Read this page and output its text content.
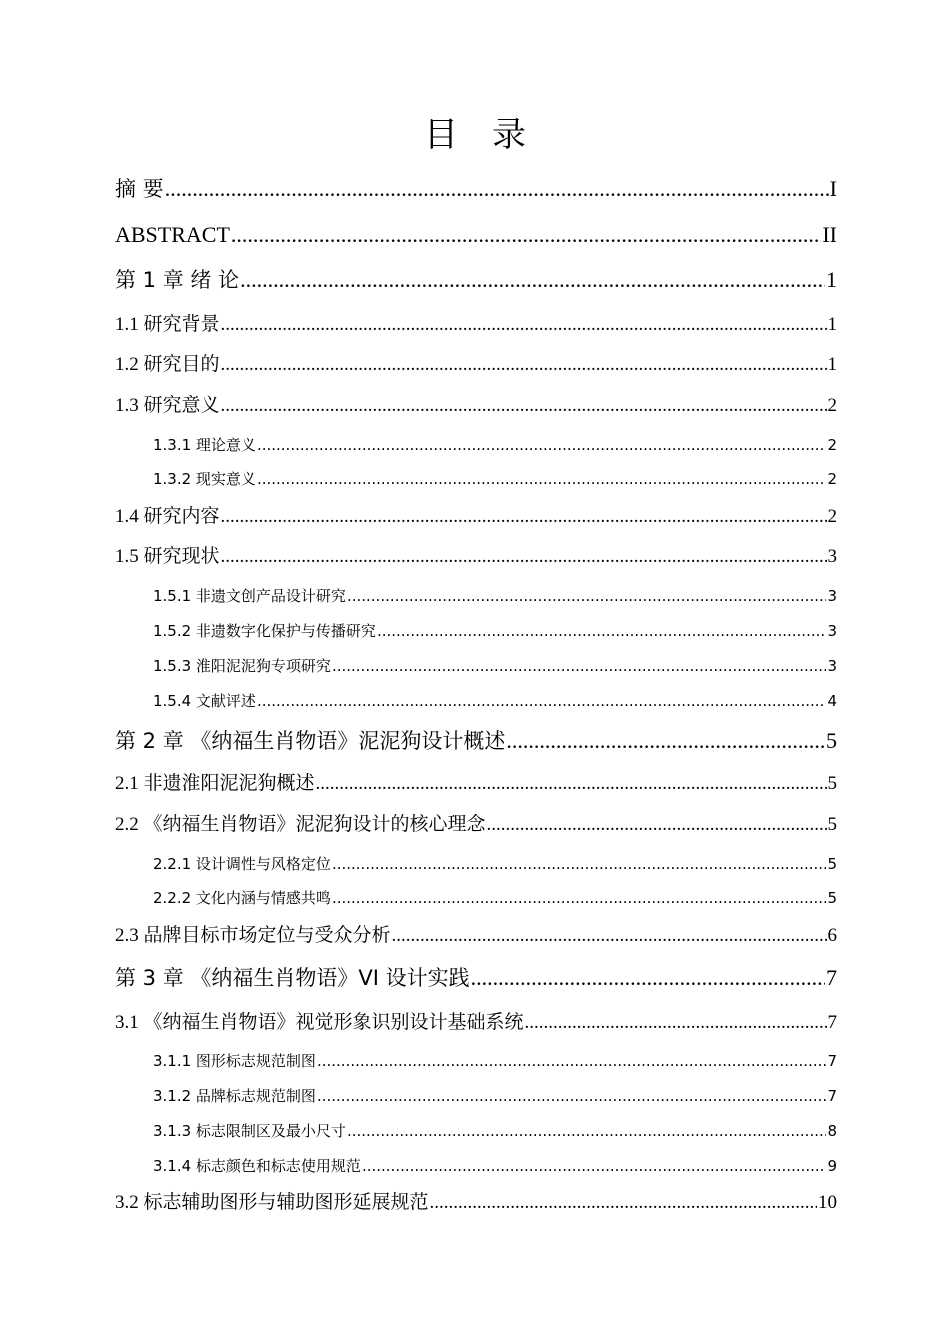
目　录
摘 要 .....	I
ABSTRACT .....	II
第 1 章 绪 论 .....	1
1.1 研究背景 .....	1
1.2 研究目的 .....	1
1.3 研究意义 .....	2
1.3.1 理论意义 .....	2
1.3.2 现实意义 .....	2
1.4 研究内容 .....	2
1.5 研究现状 .....	3
1.5.1 非遗文创产品设计研究 .....	3
1.5.2 非遗数字化保护与传播研究 .....	3
1.5.3 淮阳泥泥狗专项研究 .....	3
1.5.4 文献评述 .....	4
第 2 章 《纳福生肖物语》泥泥狗设计概述 .....	5
2.1 非遗淮阳泥泥狗概述 .....	5
2.2 《纳福生肖物语》泥泥狗设计的核心理念 .....	5
2.2.1 设计调性与风格定位 .....	5
2.2.2 文化内涵与情感共鸣 .....	5
2.3 品牌目标市场定位与受众分析 .....	6
第 3 章 《纳福生肖物语》VI 设计实践 .....	7
3.1 《纳福生肖物语》视觉形象识别设计基础系统 .....	7
3.1.1 图形标志规范制图 .....	7
3.1.2 品牌标志规范制图 .....	7
3.1.3 标志限制区及最小尺寸 .....	8
3.1.4 标志颜色和标志使用规范 .....	9
3.2 标志辅助图形与辅助图形延展规范 .....	10
